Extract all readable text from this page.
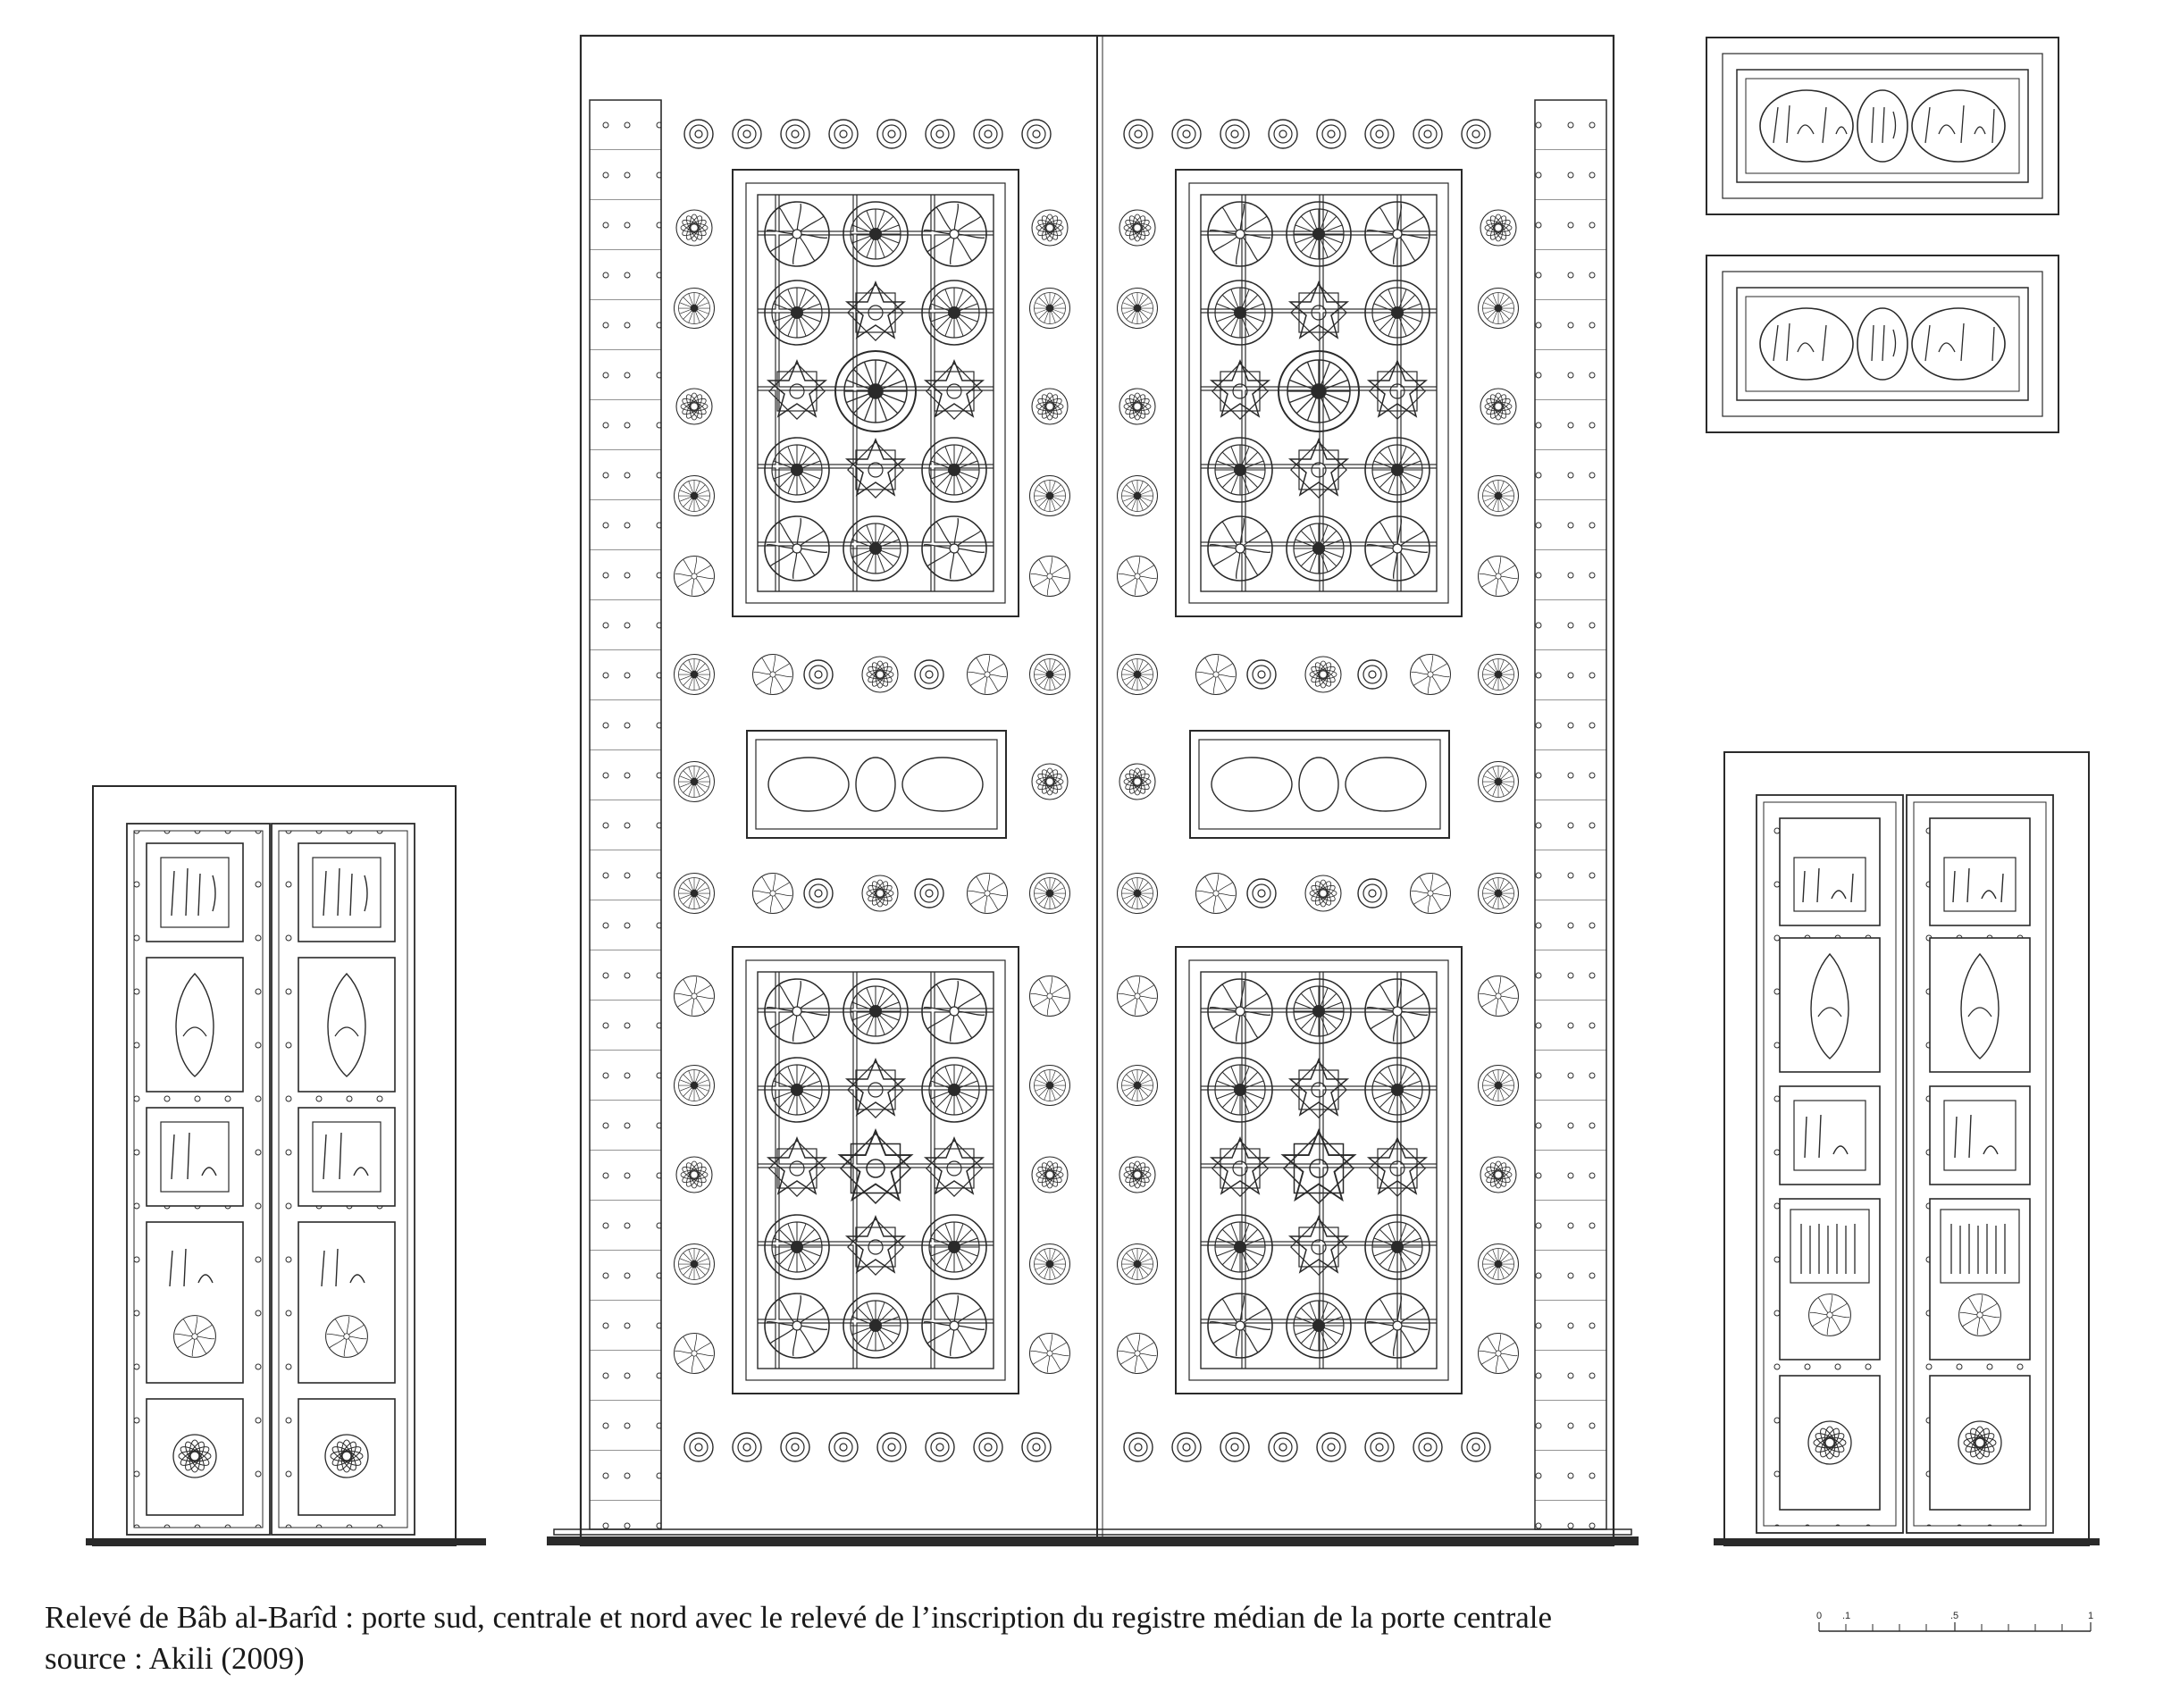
0 .1	.5	1
Relevé de Bâb al-Barîd : porte sud, centrale et nord avec le relevé de l’inscription du registre médian de la porte centrale
source : Akili (2009)
